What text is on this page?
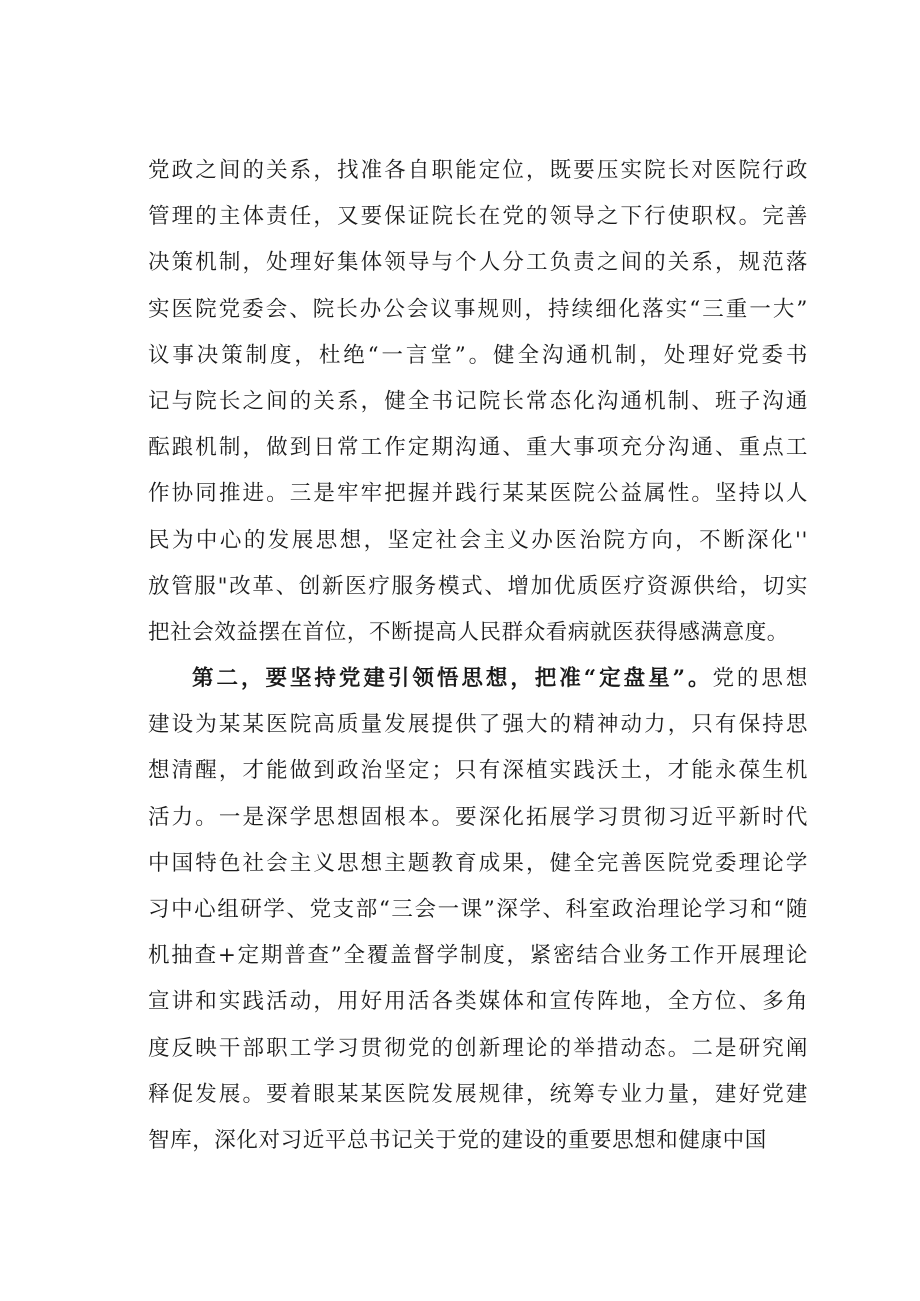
党政之间的关系，找准各自职能定位，既要压实院长对医院行政
管理的主体责任，又要保证院长在党的领导之下行使职权。完善
决策机制，处理好集体领导与个人分工负责之间的关系，规范落
实医院党委会、院长办公会议事规则，持续细化落实“三重一大”
议事决策制度，杜绝“一言堂”。健全沟通机制，处理好党委书
记与院长之间的关系，健全书记院长常态化沟通机制、班子沟通
酝踉机制，做到日常工作定期沟通、重大事项充分沟通、重点工
作协同推进。三是牢牢把握并践行某某医院公益属性。坚持以人
民为中心的发展思想，坚定社会主义办医治院方向，不断深化''
放管服"改革、创新医疗服务模式、增加优质医疗资源供给，切实
把社会效益摆在首位，不断提高人民群众看病就医获得感满意度。
第二，要坚持党建引领悟思想，把准“定盘星”。党的思想
建设为某某医院高质量发展提供了强大的精神动力，只有保持思
想清醒，才能做到政治坚定；只有深植实践沃土，才能永葆生机
活力。一是深学思想固根本。要深化拓展学习贯彻习近平新时代
中国特色社会主义思想主题教育成果，健全完善医院党委理论学
习中心组研学、党支部“三会一课”深学、科室政治理论学习和“随
机抽查+定期普查”全覆盖督学制度，紧密结合业务工作开展理论
宣讲和实践活动，用好用活各类媒体和宣传阵地，全方位、多角
度反映干部职工学习贯彻党的创新理论的举措动态。二是研究阐
释促发展。要着眼某某医院发展规律，统筹专业力量，建好党建
智库，深化对习近平总书记关于党的建设的重要思想和健康中国
